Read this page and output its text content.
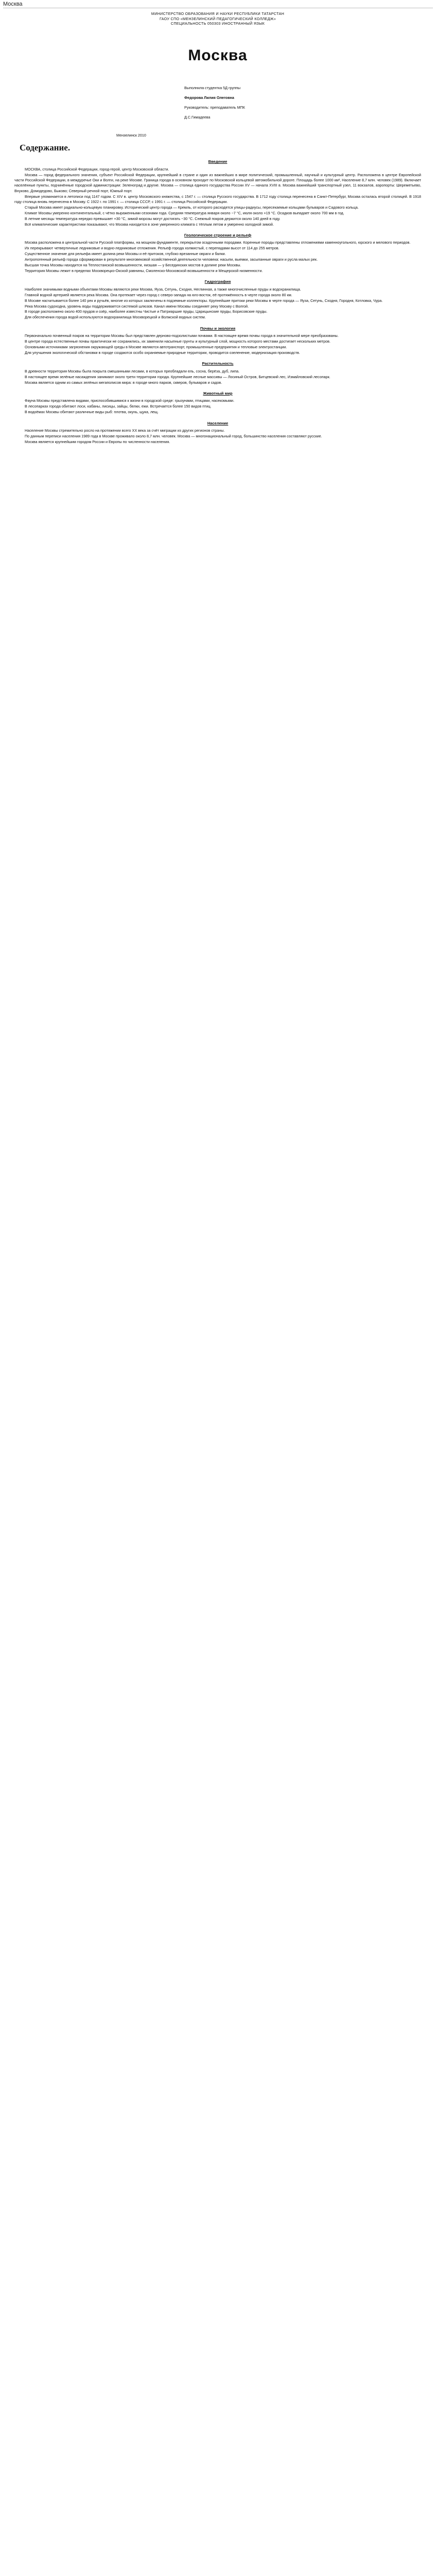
Москва
МИНИСТЕРСТВО ОБРАЗОВАНИЯ И НАУКИ РЕСПУБЛИКИ ТАТАРСТАН
ГАОУ СПО «МЕНЗЕЛИНСКИЙ ПЕДАГОГИЧЕСКИЙ КОЛЛЕДЖ»
СПЕЦИАЛЬНОСТЬ 050303 ИНОСТРАННЫЙ ЯЗЫК
Москва
Выполнила студентка 5Д группы
Федорова Лилия Олеговна
Руководитель: преподаватель МПК
Д.С.Гимадеева
Мензелинск 2010
Содержание.
Введение
МОСКВА, столица Российской Федерации, город-герой, центр Московской области.
Москва — город федерального значения, субъект Российской Федерации, крупнейший в стране и один из важнейших в мире политический, промышленный, научный и культурный центр. Расположена в центре Европейской части Российской Федерации, в междуречье Оки и Волги, на реке Москве. Граница города в основном проходит по Московской кольцевой автомобильной дороге. Площадь более 1000 км², Население 8,7 млн. человек (1989). Включает населённые пункты, подчинённые городской администрации: Зеленоград и другие. Москва — столица единого государства России XV — начала XVIII в. Москва важнейший транспортный узел, 11 вокзалов, аэропорты: Шереметьево, Внуково, Домодедово, Быково; Северный речной порт, Южный порт.
Впервые упоминается в летописи под 1147 годом. С XIV в. центр Московского княжества, с 1547 г. — столица Русского государства. В 1712 году столица перенесена в Санкт-Петербург, Москва осталась второй столицей. В 1918 году столица вновь перенесена в Москву. С 1922 г. по 1991 г. — столица СССР, с 1991 г. — столица Российской Федерации.
Старый Москва имеет радиально-кольцевую планировку. Исторический центр города — Кремль, от которого расходятся улицы-радиусы, пересекаемые кольцами бульваров и Садового кольца.
Климат Москвы умеренно континентальный, с чётко выраженными сезонами года. Средняя температура января около −7 °C, июля около +19 °C. Осадков выпадает около 700 мм в год.
В летние месяцы температура нередко превышает +30 °C, зимой морозы могут достигать −30 °C. Снежный покров держится около 140 дней в году.
Всё климатические характеристики показывают, что Москва находится в зоне умеренного климата с тёплым летом и умеренно холодной зимой.
Геологическое строение и рельеф
Москва расположена в центральной части Русской платформы, на мощном фундаменте, перекрытом осадочными породами. Коренные породы представлены отложениями каменноугольного, юрского и мелового периодов.
Их перекрывают четвертичные ледниковые и водно-ледниковые отложения. Рельеф города холмистый, с перепадами высот от 114 до 255 метров.
Существенное значение для рельефа имеет долина реки Москвы и её притоков, глубоко врезанные овраги и балки.
Антропогенный рельеф города сформирован в результате многовековой хозяйственной деятельности человека: насыпи, выемки, засыпанные овраги и русла малых рек.
Высшая точка Москвы находится на Теплостанской возвышенности, низшая — у Бесединских мостов в долине реки Москвы.
Территория Москвы лежит в пределах Москворецко-Окской равнины, Смоленско-Московской возвышенности и Мещерской низменности.
Гидрография
Наиболее значимыми водными объектами Москвы являются реки Москва, Яуза, Сетунь, Сходня, Неглинная, а также многочисленные пруды и водохранилища.
Главной водной артерией является река Москва. Она протекает через город с северо-запада на юго-восток, её протяжённость в черте города около 80 км.
В Москве насчитывается более 140 рек и ручьёв, многие из которых заключены в подземные коллекторы. Крупнейшие притоки реки Москвы в черте города — Яуза, Сетунь, Сходня, Городня, Котловка, Чура.
Река Москва судоходна, уровень воды поддерживается системой шлюзов. Канал имени Москвы соединяет реку Москву с Волгой.
В городе расположено около 400 прудов и озёр, наиболее известны Чистые и Патриаршие пруды, Царицынские пруды, Борисовские пруды.
Для обеспечения города водой используются водохранилища Москворецкой и Волжской водных систем.
Почвы и экология
Первоначально почвенный покров на территории Москвы был представлен дерново-подзолистыми почвами. В настоящее время почвы города в значительной мере преобразованы.
В центре города естественные почвы практически не сохранились, их заменили насыпные грунты и культурный слой, мощность которого местами достигает нескольких метров.
Основными источниками загрязнения окружающей среды в Москве являются автотранспорт, промышленные предприятия и тепловые электростанции.
Для улучшения экологической обстановки в городе создаются особо охраняемые природные территории, проводится озеленение, модернизация производств.
Растительность
В древности территория Москвы была покрыта смешанными лесами, в которых преобладали ель, сосна, берёза, дуб, липа.
В настоящее время зелёные насаждения занимают около трети территории города. Крупнейшие лесные массивы — Лосиный Остров, Битцевский лес, Измайловский лесопарк.
Москва является одним из самых зелёных мегаполисов мира: в городе много парков, скверов, бульваров и садов.
Животный мир
Фауна Москвы представлена видами, приспособившимися к жизни в городской среде: грызунами, птицами, насекомыми.
В лесопарках города обитают лоси, кабаны, лисицы, зайцы, белки, ежи. Встречается более 150 видов птиц.
В водоёмах Москвы обитают различные виды рыб: плотва, окунь, щука, лещ.
Население
Население Москвы стремительно росло на протяжении всего XX века за счёт миграции из других регионов страны.
По данным переписи населения 1989 года в Москве проживало около 8,7 млн. человек. Москва — многонациональный город, большинство населения составляют русские.
Москва является крупнейшим городом России и Европы по численности населения.
